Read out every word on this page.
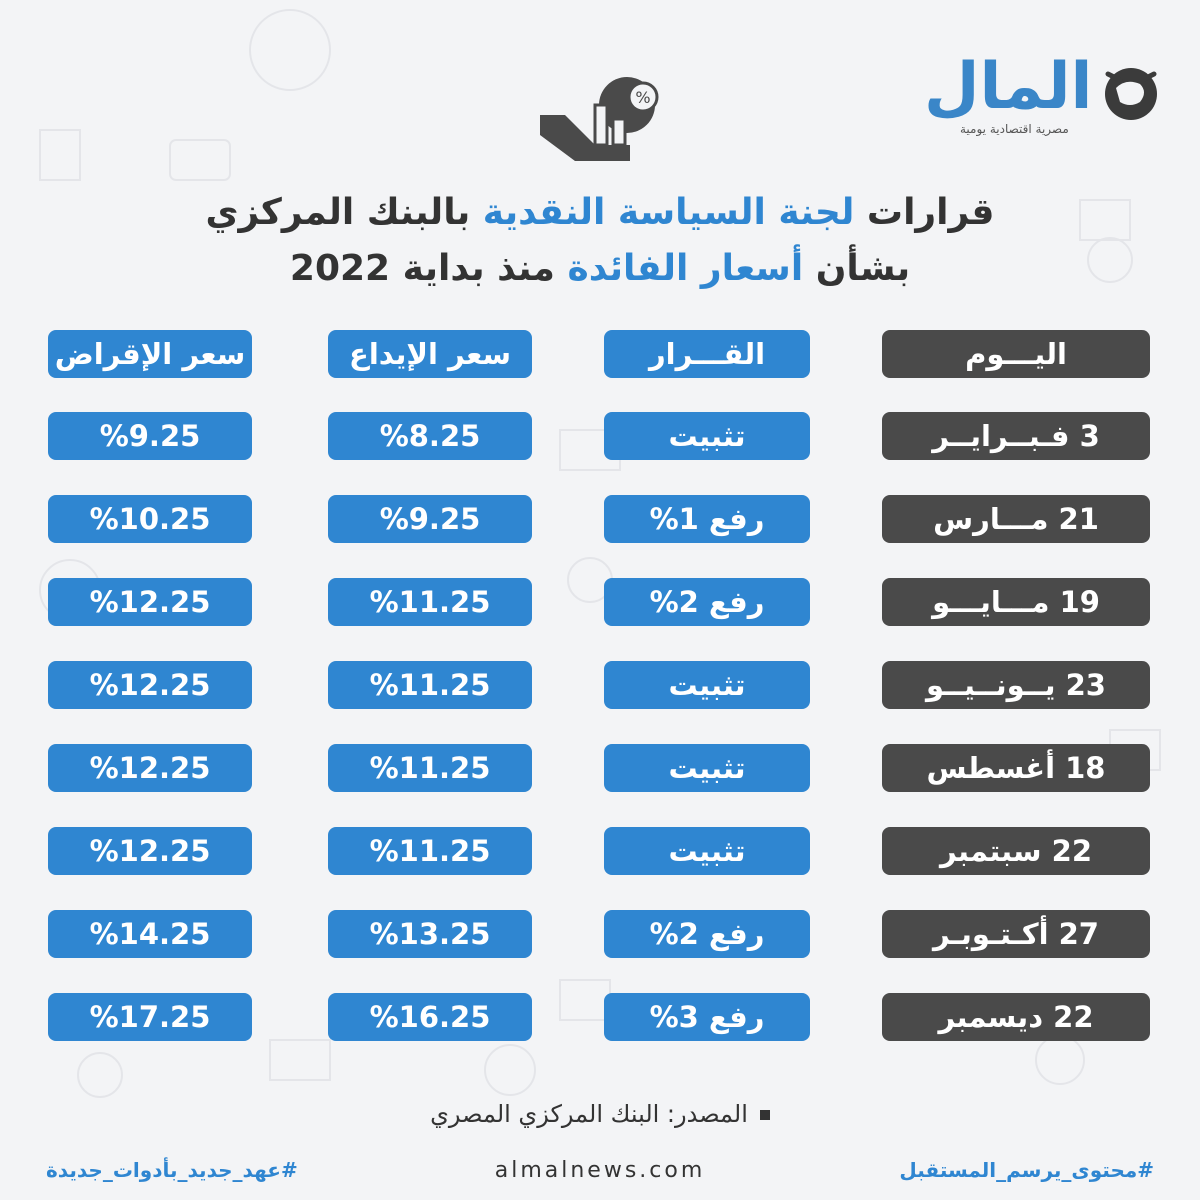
المال
مصرية اقتصادية يومية
%
قرارات لجنة السياسة النقدية بالبنك المركزي
بشأن أسعار الفائدة منذ بداية 2022
اليـــوم
القـــرار
سعر الإيداع
سعر الإقراض
3 فـبــرايــر
تثبيت
%8.25
%9.25
21 مـــارس
رفع 1%
%9.25
%10.25
19 مـــايـــو
رفع 2%
%11.25
%12.25
23 يــونــيــو
تثبيت
%11.25
%12.25
18 أغسطس
تثبيت
%11.25
%12.25
22 سبتمبر
تثبيت
%11.25
%12.25
27 أكـتـوبـر
رفع 2%
%13.25
%14.25
22 ديسمبر
رفع 3%
%16.25
%17.25
المصدر: البنك المركزي المصري
#عهد_جديد_بأدوات_جديدة	almalnews.com	#محتوى_يرسم_المستقبل
